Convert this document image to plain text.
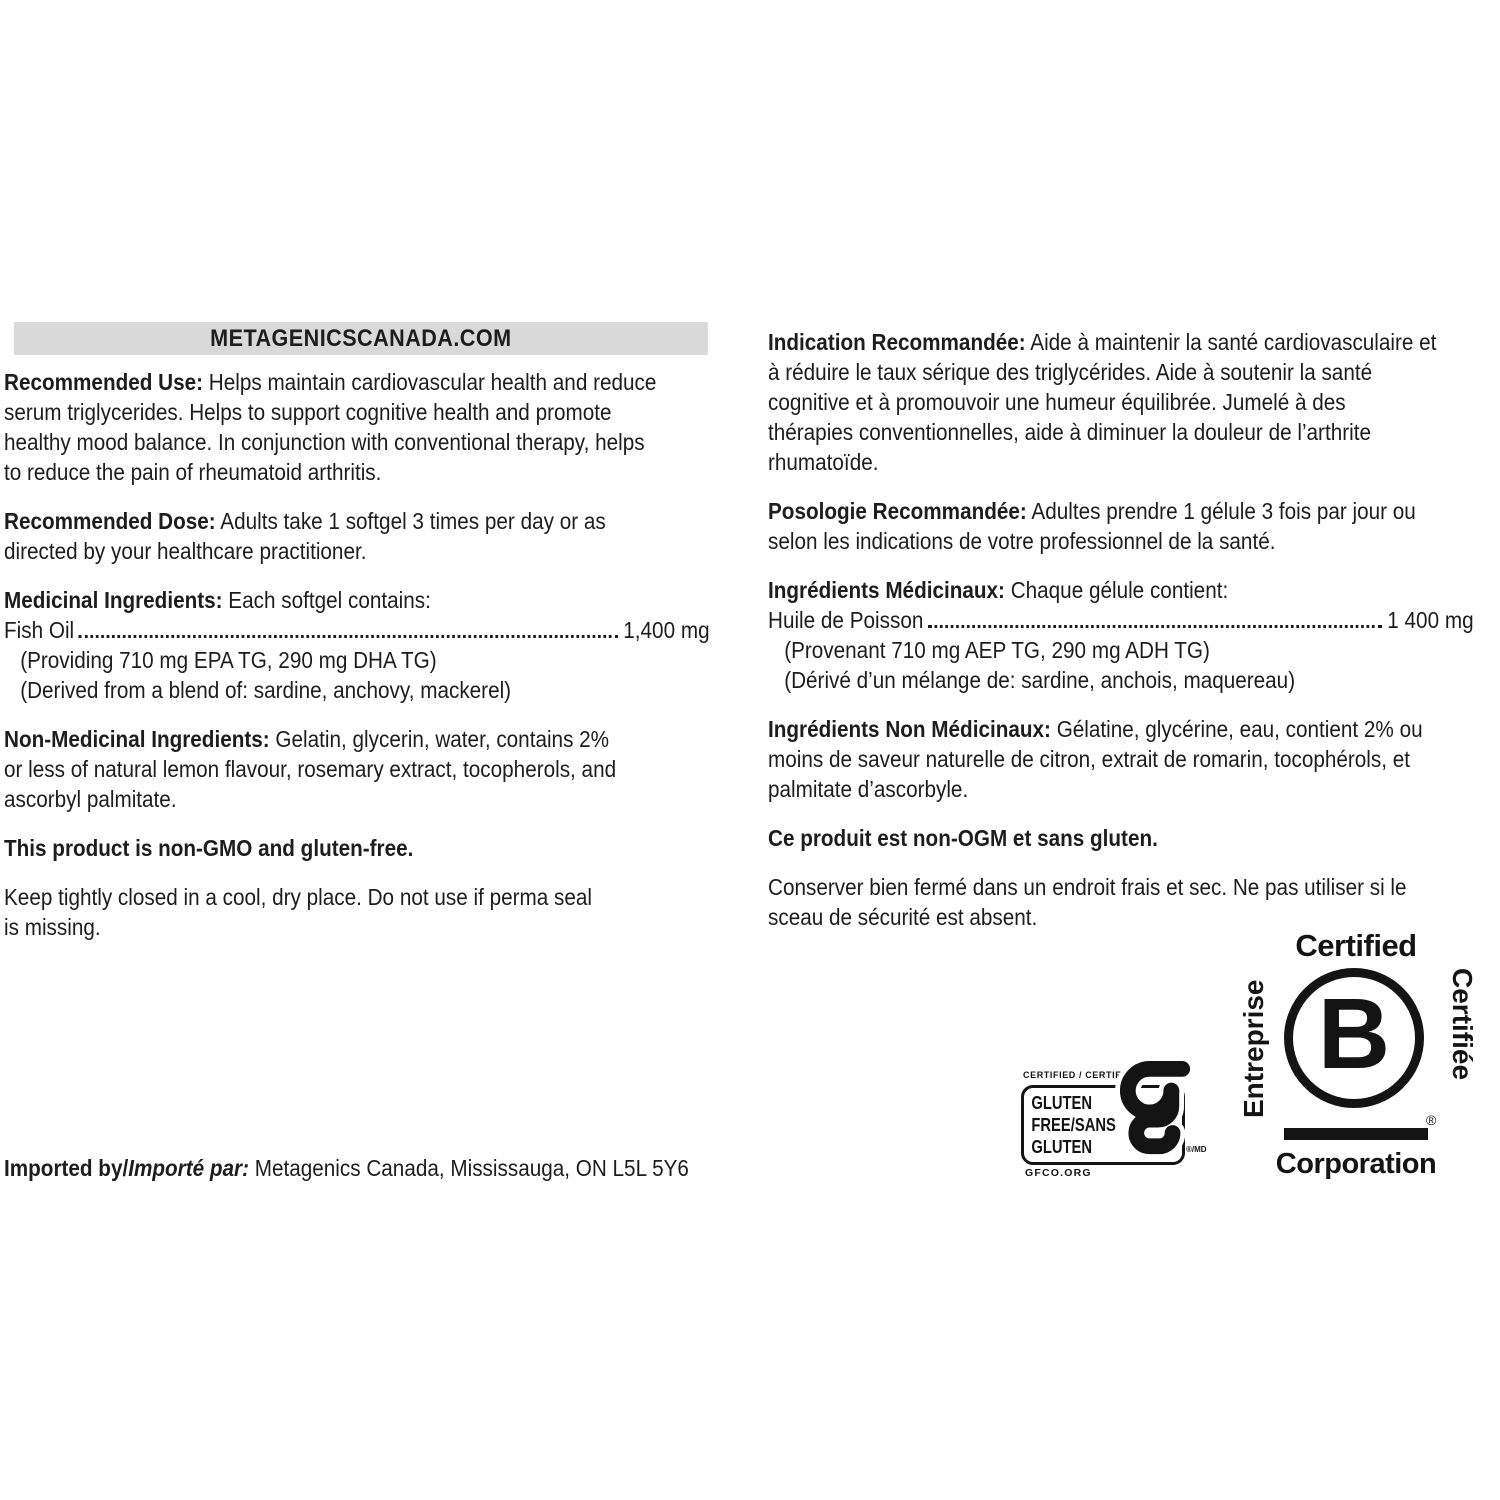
METAGENICSCANADA.COM
Recommended Use: Helps maintain cardiovascular health and reduce
serum triglycerides. Helps to support cognitive health and promote
healthy mood balance. In conjunction with conventional therapy, helps
to reduce the pain of rheumatoid arthritis.
Recommended Dose: Adults take 1 softgel 3 times per day or as
directed by your healthcare practitioner.
Medicinal Ingredients: Each softgel contains:
Fish Oil	1,400 mg
(Providing 710 mg EPA TG, 290 mg DHA TG)
(Derived from a blend of: sardine, anchovy, mackerel)
Non-Medicinal Ingredients: Gelatin, glycerin, water, contains 2%
or less of natural lemon flavour, rosemary extract, tocopherols, and
ascorbyl palmitate.
This product is non-GMO and gluten-free.
Keep tightly closed in a cool, dry place. Do not use if perma seal
is missing.
Imported by/Importé par: Metagenics Canada, Mississauga, ON L5L 5Y6
Indication Recommandée: Aide à maintenir la santé cardiovasculaire et
à réduire le taux sérique des triglycérides. Aide à soutenir la santé
cognitive et à promouvoir une humeur équilibrée. Jumelé à des
thérapies conventionnelles, aide à diminuer la douleur de l’arthrite
rhumatoïde.
Posologie Recommandée: Adultes prendre 1 gélule 3 fois par jour ou
selon les indications de votre professionnel de la santé.
Ingrédients Médicinaux: Chaque gélule contient:
Huile de Poisson	1 400 mg
(Provenant 710 mg AEP TG, 290 mg ADH TG)
(Dérivé d’un mélange de: sardine, anchois, maquereau)
Ingrédients Non Médicinaux: Gélatine, glycérine, eau, contient 2% ou
moins de saveur naturelle de citron, extrait de romarin, tocophérols, et
palmitate d’ascorbyle.
Ce produit est non-OGM et sans gluten.
Conserver bien fermé dans un endroit frais et sec. Ne pas utiliser si le
sceau de sécurité est absent.
CERTIFIED / CERTIFIÉ
GLUTEN
FREE/SANS
GLUTEN	®/MD
GFCO.ORG
Certified
Entreprise	Certifiée
B
®
Corporation
